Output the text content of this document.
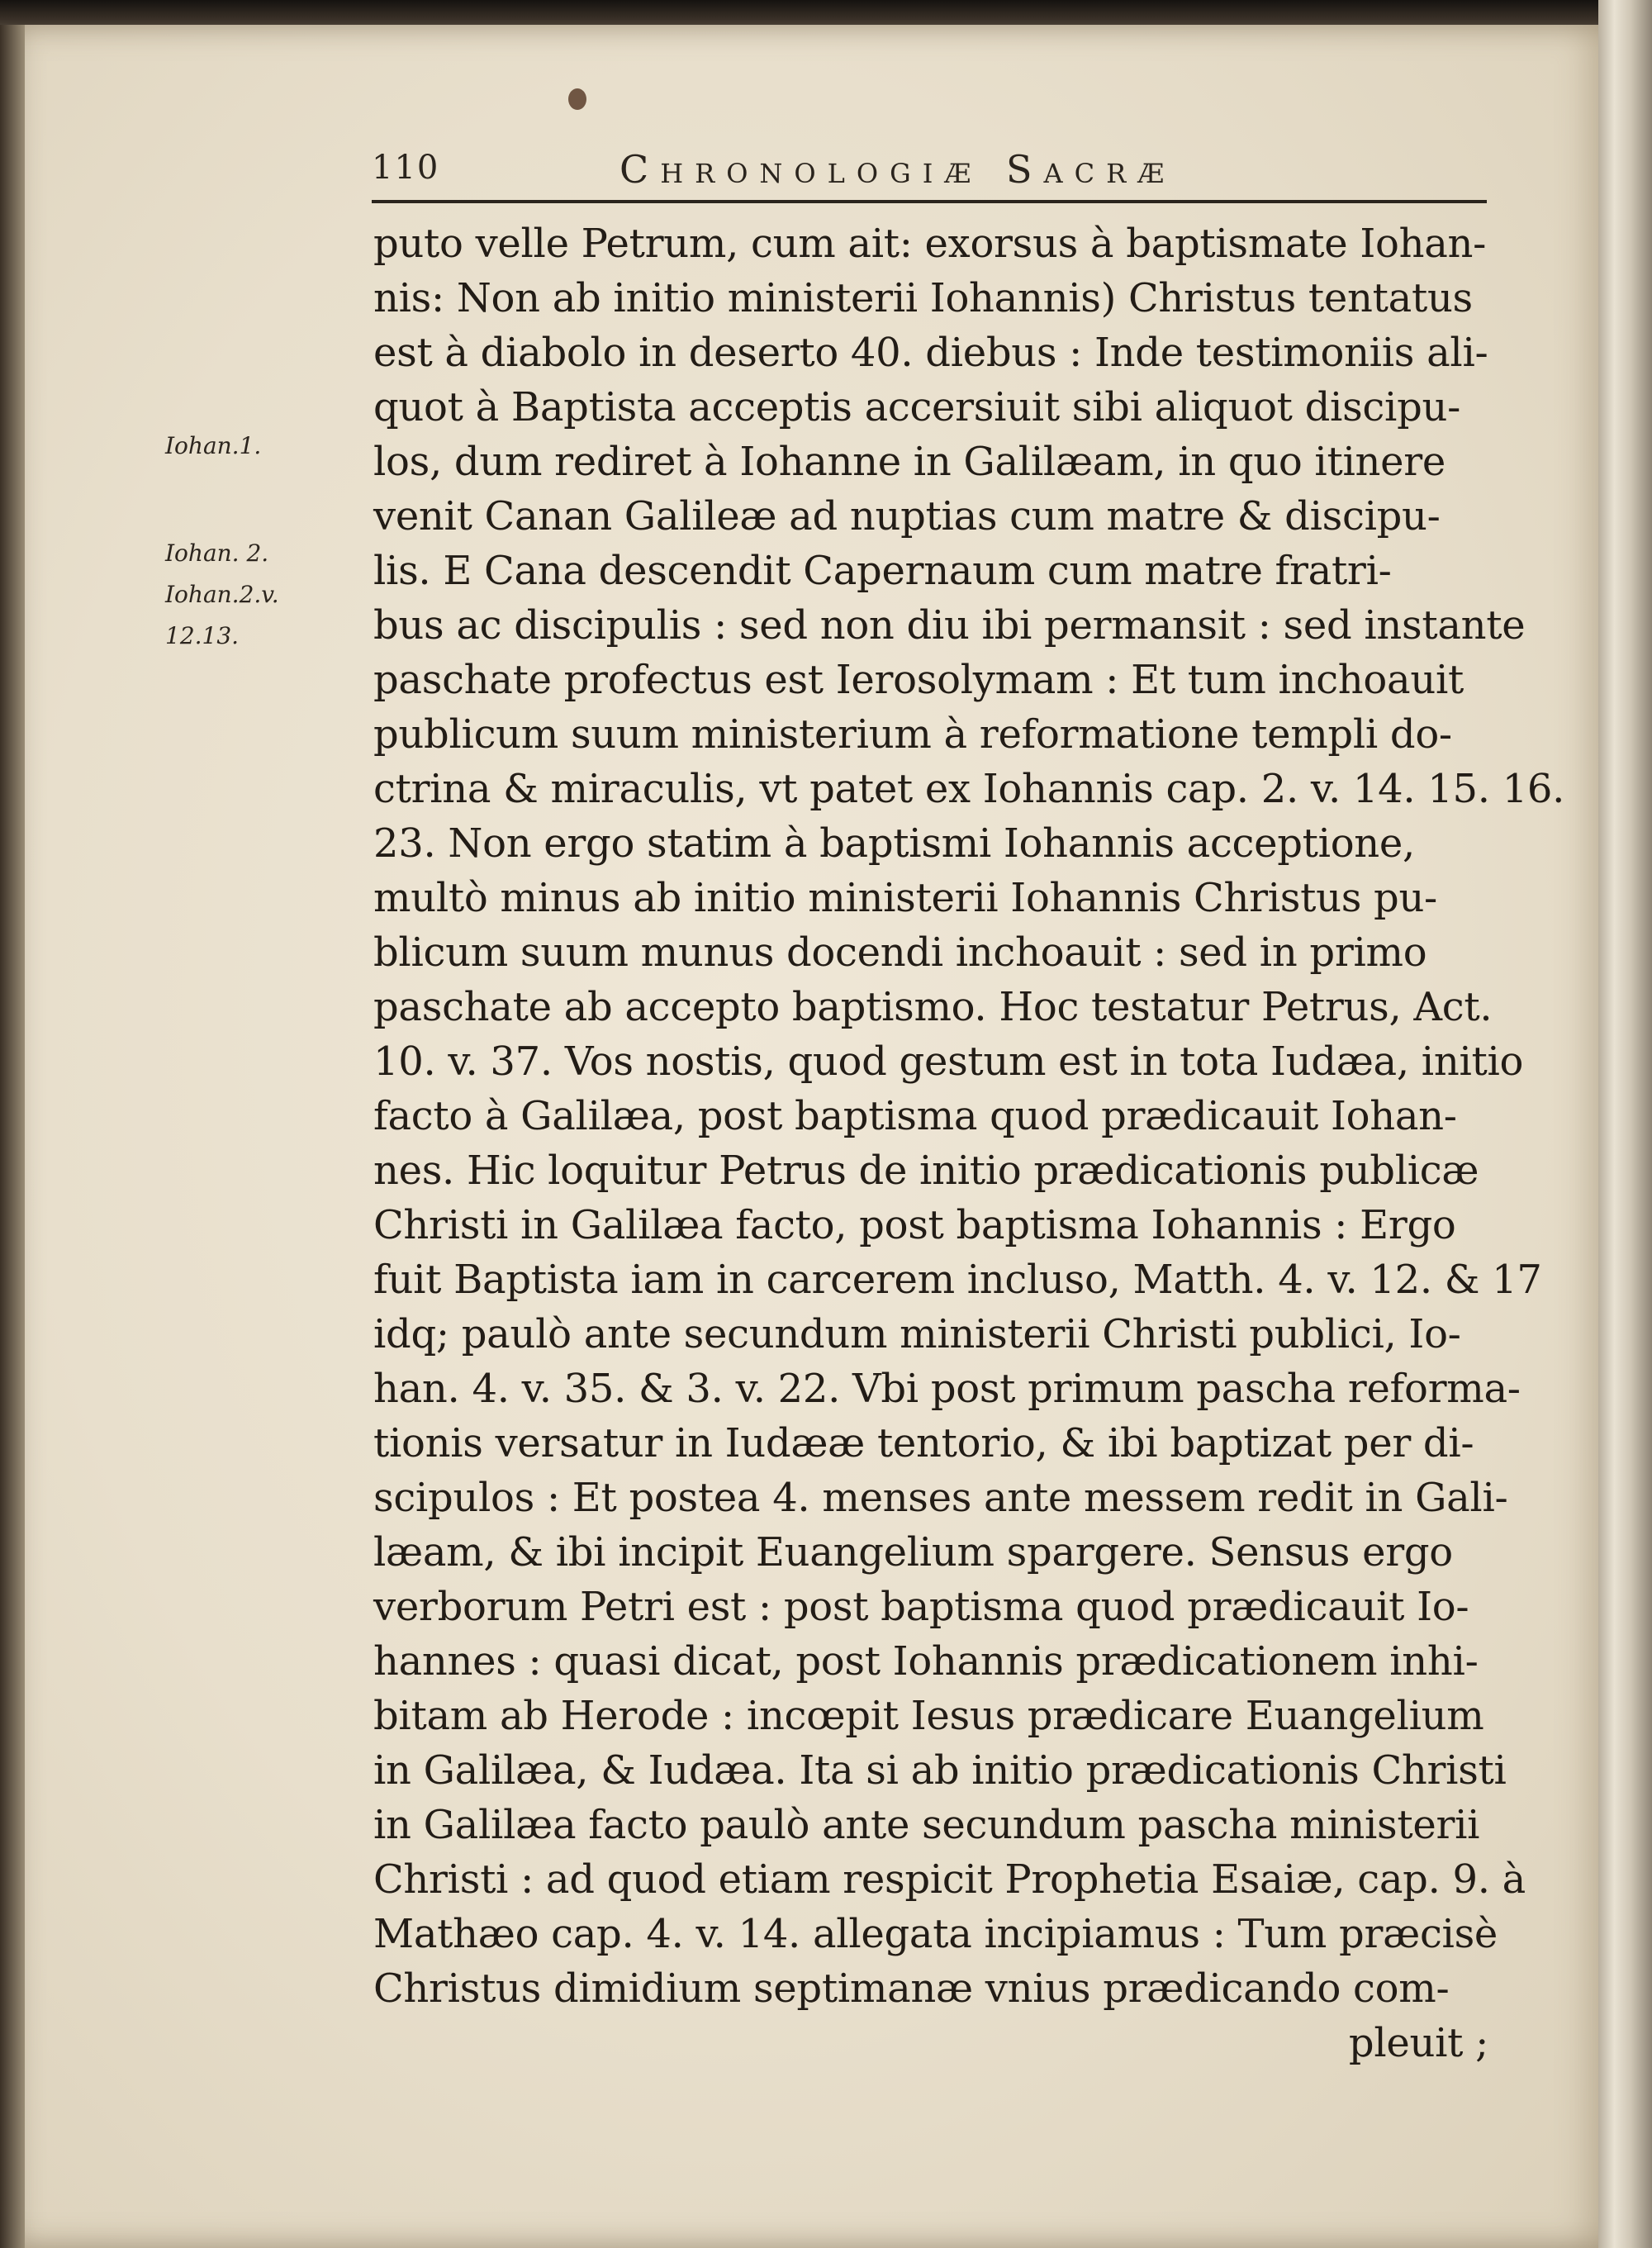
110	Chronologiæ Sacræ
Iohan.1.
Iohan. 2.
Iohan.2.v.
12.13.
puto velle Petrum, cum ait: exorsus à baptismate Iohan-
nis: Non ab initio ministerii Iohannis) Christus tentatus
est à diabolo in deserto 40. diebus : Inde testimoniis ali-
quot à Baptista acceptis accersiuit sibi aliquot discipu-
los, dum rediret à Iohanne in Galilæam, in quo itinere
venit Canan Galileæ ad nuptias cum matre & discipu-
lis. E Cana descendit Capernaum cum matre fratri-
bus ac discipulis : sed non diu ibi permansit : sed instante
paschate profectus est Ierosolymam : Et tum inchoauit
publicum suum ministerium à reformatione templi do-
ctrina & miraculis, vt patet ex Iohannis cap. 2. v. 14. 15. 16.
23. Non ergo statim à baptismi Iohannis acceptione,
multò minus ab initio ministerii Iohannis Christus pu-
blicum suum munus docendi inchoauit : sed in primo
paschate ab accepto baptismo. Hoc testatur Petrus, Act.
10. v. 37. Vos nostis, quod gestum est in tota Iudæa, initio
facto à Galilæa, post baptisma quod prædicauit Iohan-
nes. Hic loquitur Petrus de initio prædicationis publicæ
Christi in Galilæa facto, post baptisma Iohannis : Ergo
fuit Baptista iam in carcerem incluso, Matth. 4. v. 12. & 17
idq; paulò ante secundum ministerii Christi publici, Io-
han. 4. v. 35. & 3. v. 22. Vbi post primum pascha reforma-
tionis versatur in Iudææ tentorio, & ibi baptizat per di-
scipulos : Et postea 4. menses ante messem redit in Gali-
læam, & ibi incipit Euangelium spargere. Sensus ergo
verborum Petri est : post baptisma quod prædicauit Io-
hannes : quasi dicat, post Iohannis prædicationem inhi-
bitam ab Herode : incœpit Iesus prædicare Euangelium
in Galilæa, & Iudæa. Ita si ab initio prædicationis Christi
in Galilæa facto paulò ante secundum pascha ministerii
Christi : ad quod etiam respicit Prophetia Esaiæ, cap. 9. à
Mathæo cap. 4. v. 14. allegata incipiamus : Tum præcisè
Christus dimidium septimanæ vnius prædicando com-
pleuit ;
